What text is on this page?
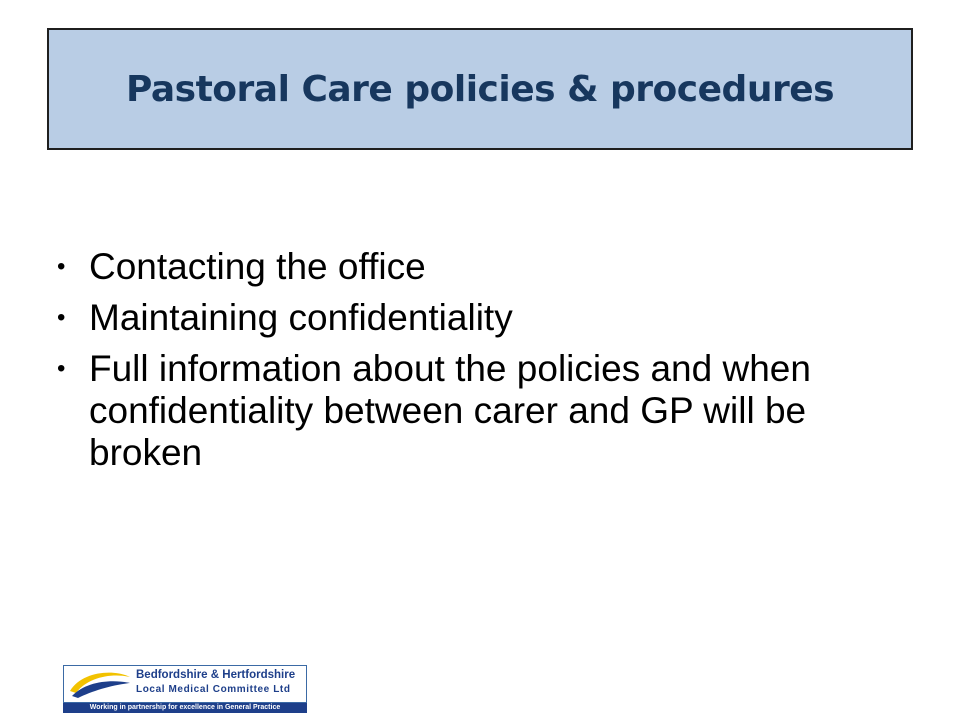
Pastoral Care policies & procedures
• Contacting the office
• Maintaining confidentiality
• Full information about the policies and when confidentiality between carer and GP will be broken
Bedfordshire & Hertfordshire
Local Medical Committee Ltd
Working in partnership for excellence in General Practice
